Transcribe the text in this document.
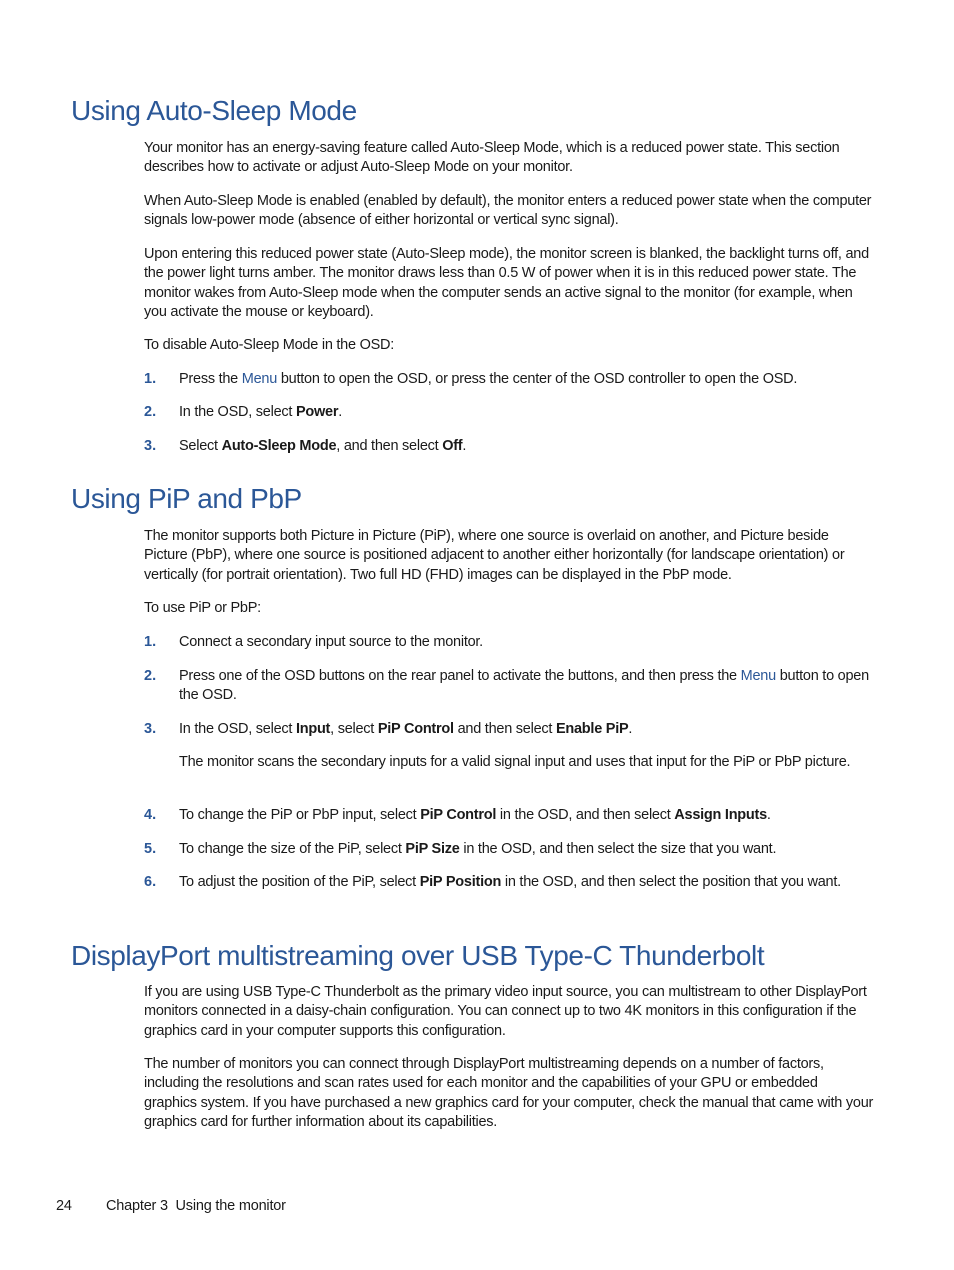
Using Auto-Sleep Mode

Your monitor has an energy-saving feature called Auto-Sleep Mode, which is a reduced power state. This section describes how to activate or adjust Auto-Sleep Mode on your monitor.

When Auto-Sleep Mode is enabled (enabled by default), the monitor enters a reduced power state when the computer signals low-power mode (absence of either horizontal or vertical sync signal).

Upon entering this reduced power state (Auto-Sleep mode), the monitor screen is blanked, the backlight turns off, and the power light turns amber. The monitor draws less than 0.5 W of power when it is in this reduced power state. The monitor wakes from Auto-Sleep mode when the computer sends an active signal to the monitor (for example, when you activate the mouse or keyboard).

To disable Auto-Sleep Mode in the OSD:

1. Press the Menu button to open the OSD, or press the center of the OSD controller to open the OSD.

2. In the OSD, select Power.

3. Select Auto-Sleep Mode, and then select Off.

Using PiP and PbP

The monitor supports both Picture in Picture (PiP), where one source is overlaid on another, and Picture beside Picture (PbP), where one source is positioned adjacent to another either horizontally (for landscape orientation) or vertically (for portrait orientation). Two full HD (FHD) images can be displayed in the PbP mode.

To use PiP or PbP:

1. Connect a secondary input source to the monitor.

2. Press one of the OSD buttons on the rear panel to activate the buttons, and then press the Menu button to open the OSD.

3. In the OSD, select Input, select PiP Control and then select Enable PiP.

The monitor scans the secondary inputs for a valid signal input and uses that input for the PiP or PbP picture.

4. To change the PiP or PbP input, select PiP Control in the OSD, and then select Assign Inputs.

5. To change the size of the PiP, select PiP Size in the OSD, and then select the size that you want.

6. To adjust the position of the PiP, select PiP Position in the OSD, and then select the position that you want.

DisplayPort multistreaming over USB Type-C Thunderbolt

If you are using USB Type-C Thunderbolt as the primary video input source, you can multistream to other DisplayPort monitors connected in a daisy-chain configuration. You can connect up to two 4K monitors in this configuration if the graphics card in your computer supports this configuration.

The number of monitors you can connect through DisplayPort multistreaming depends on a number of factors, including the resolutions and scan rates used for each monitor and the capabilities of your GPU or embedded graphics system. If you have purchased a new graphics card for your computer, check the manual that came with your graphics card for further information about its capabilities.

24 Chapter 3  Using the monitor
